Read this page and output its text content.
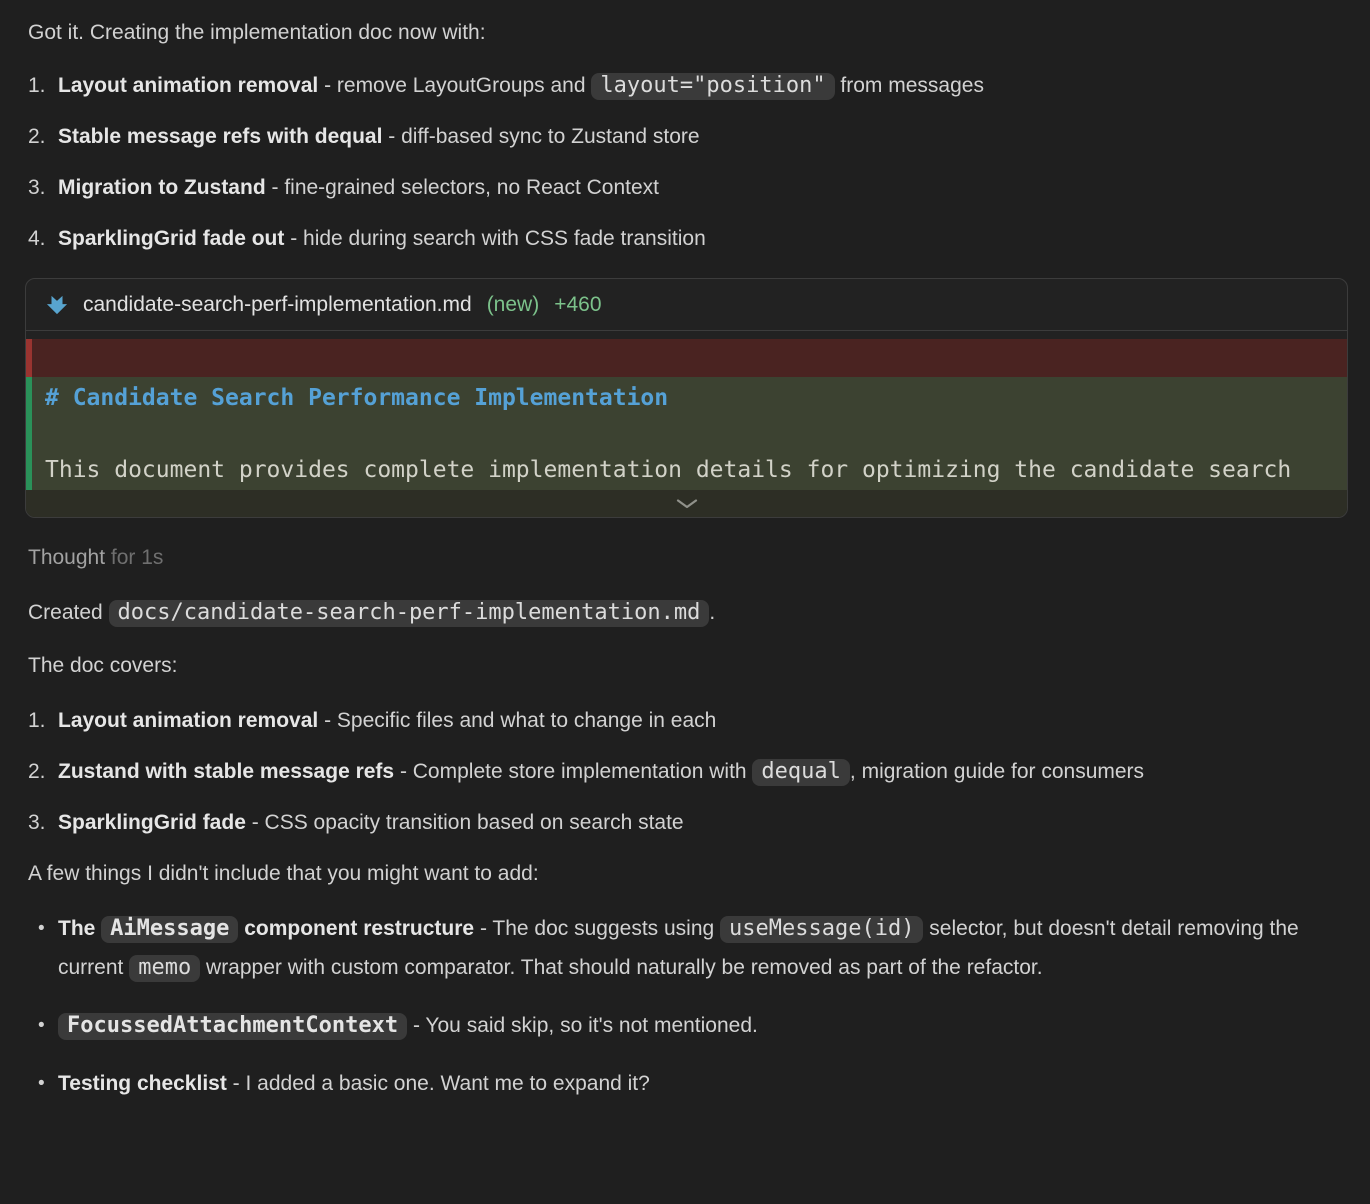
Got it. Creating the implementation doc now with:

1. Layout animation removal - remove LayoutGroups and layout="position" from messages
2. Stable message refs with dequal - diff-based sync to Zustand store
3. Migration to Zustand - fine-grained selectors, no React Context
4. SparklingGrid fade out - hide during search with CSS fade transition
candidate-search-perf-implementation.md (new) +460
# Candidate Search Performance Implementation
This document provides complete implementation details for optimizing the candidate search
Thought for 1s

Created docs/candidate-search-perf-implementation.md .

The doc covers:

1. Layout animation removal - Specific files and what to change in each
2. Zustand with stable message refs - Complete store implementation with dequal , migration guide for consumers
3. SparklingGrid fade - CSS opacity transition based on search state

A few things I didn't include that you might want to add:

• The AiMessage component restructure - The doc suggests using useMessage(id) selector, but doesn't detail removing the current memo wrapper with custom comparator. That should naturally be removed as part of the refactor.
• FocussedAttachmentContext - You said skip, so it's not mentioned.
• Testing checklist - I added a basic one. Want me to expand it?
